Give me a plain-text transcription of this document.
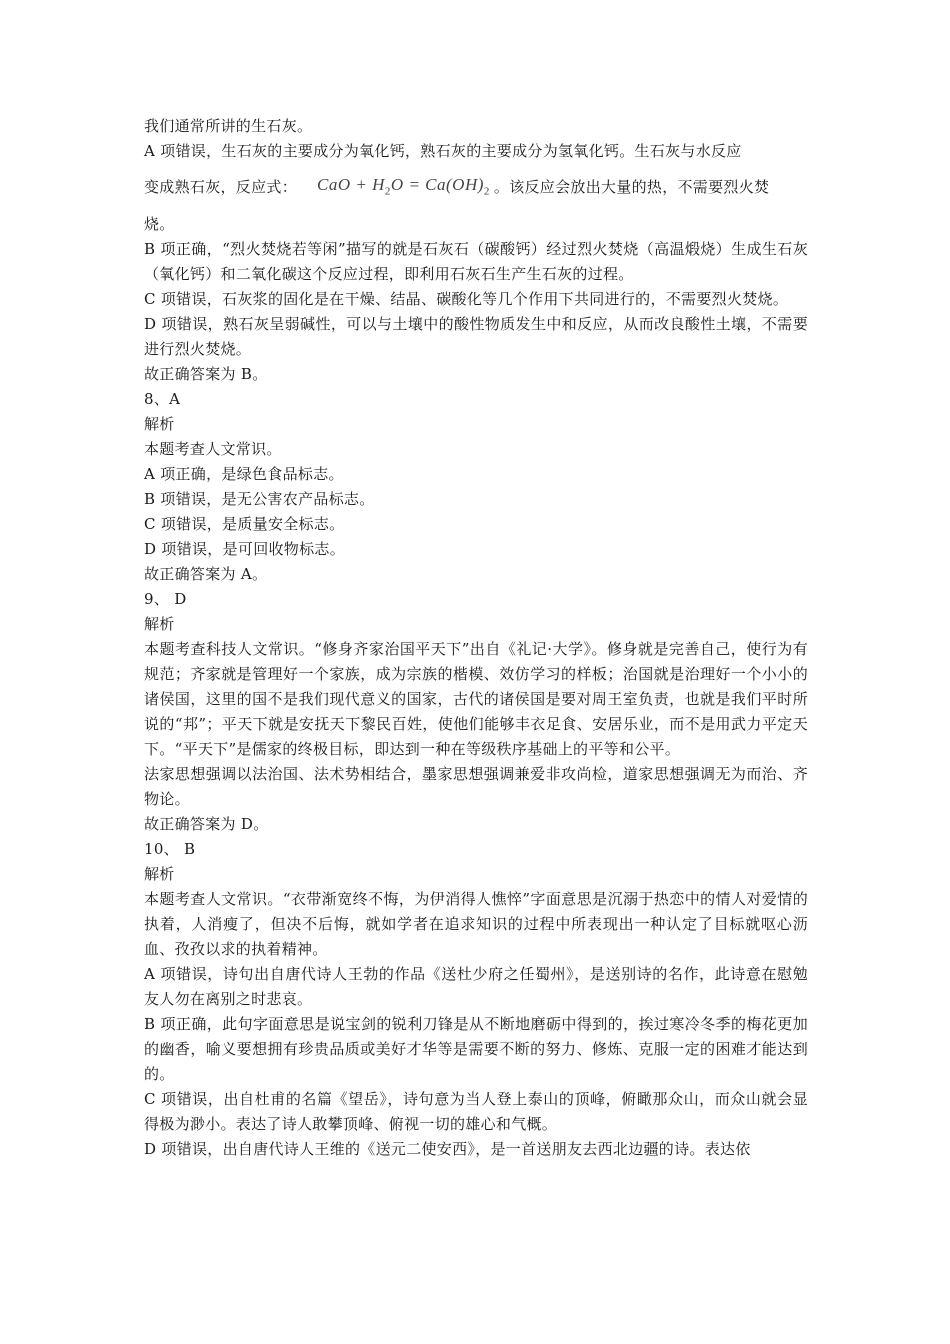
我们通常所讲的生石灰。

A 项错误，生石灰的主要成分为氧化钙，熟石灰的主要成分为氢氧化钙。生石灰与水反应

变成熟石灰，反应式： CaO + $H_2O = Ca(OH)_2$ 。该反应会放出大量的热，不需要烈火焚

烧。

B 项正确，“烈火焚烧若等闲”描写的就是石灰石（碳酸钙）经过烈火焚烧（高温煅烧）生成生石灰（氧化钙）和二氧化碳这个反应过程，即利用石灰石生产生石灰的过程。

C 项错误，石灰浆的固化是在干燥、结晶、碳酸化等几个作用下共同进行的，不需要烈火焚烧。

D 项错误，熟石灰呈弱碱性，可以与土壤中的酸性物质发生中和反应，从而改良酸性土壤，不需要进行烈火焚烧。

故正确答案为 B。

8、A

解析

本题考查人文常识。

A 项正确，是绿色食品标志。

B 项错误，是无公害农产品标志。

C 项错误，是质量安全标志。

D 项错误，是可回收物标志。

故正确答案为 A。

9、 D

解析

本题考查科技人文常识。“修身齐家治国平天下”出自《礼记·大学》。修身就是完善自己，使行为有规范；齐家就是管理好一个家族，成为宗族的楷模、效仿学习的样板；治国就是治理好一个小小的诸侯国，这里的国不是我们现代意义的国家，古代的诸侯国是要对周王室负责，也就是我们平时所说的“邦”；平天下就是安抚天下黎民百姓，使他们能够丰衣足食、安居乐业，而不是用武力平定天下。“平天下”是儒家的终极目标，即达到一种在等级秩序基础上的平等和公平。

法家思想强调以法治国、法术势相结合，墨家思想强调兼爱非攻尚检，道家思想强调无为而治、齐物论。

故正确答案为 D。

10、 B

解析

本题考查人文常识。“衣带渐宽终不悔，为伊消得人憔悴”字面意思是沉溺于热恋中的情人对爱情的执着，人消瘦了，但决不后悔，就如学者在追求知识的过程中所表现出一种认定了目标就呕心沥血、孜孜以求的执着精神。

A 项错误，诗句出自唐代诗人王勃的作品《送杜少府之任蜀州》，是送别诗的名作，此诗意在慰勉友人勿在离别之时悲哀。

B 项正确，此句字面意思是说宝剑的锐利刀锋是从不断地磨砺中得到的，挨过寒冷冬季的梅花更加的幽香，喻义要想拥有珍贵品质或美好才华等是需要不断的努力、修炼、克服一定的困难才能达到的。

C 项错误，出自杜甫的名篇《望岳》，诗句意为当人登上泰山的顶峰，俯瞰那众山，而众山就会显得极为渺小。表达了诗人敢攀顶峰、俯视一切的雄心和气概。

D 项错误，出自唐代诗人王维的《送元二使安西》，是一首送朋友去西北边疆的诗。表达依
